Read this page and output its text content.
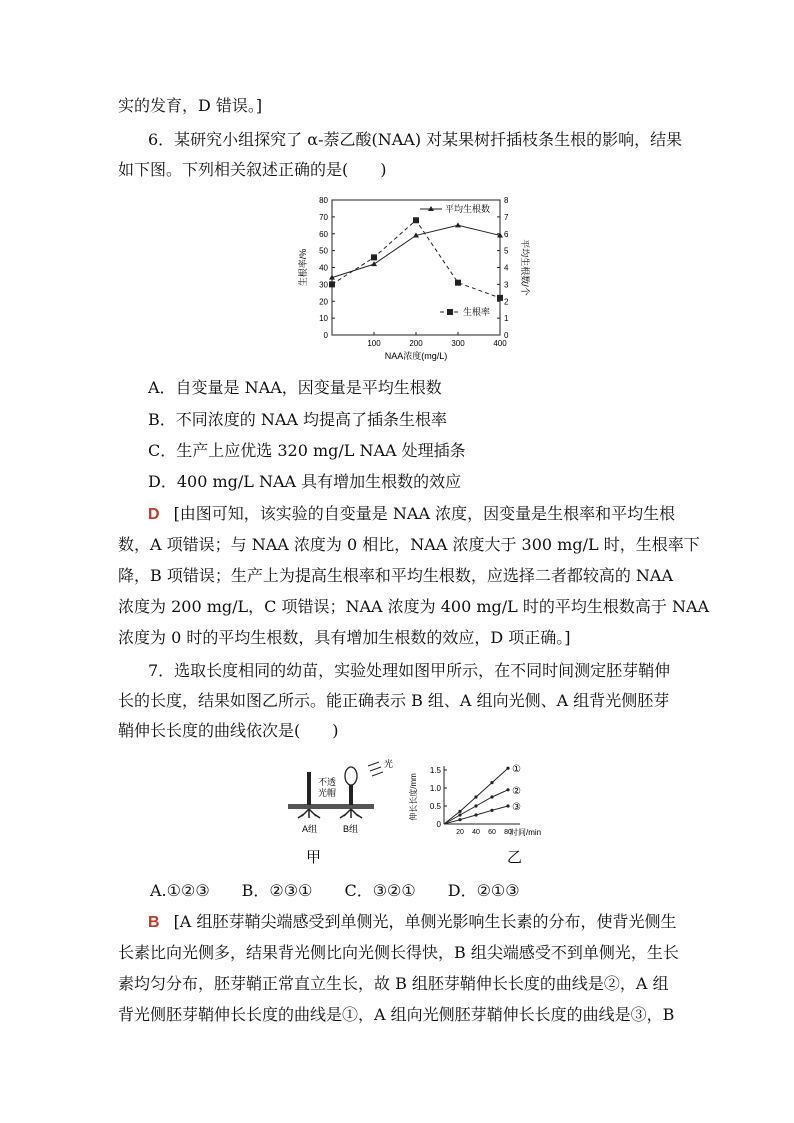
实的发育，D 错误。]
6．某研究小组探究了 α-萘乙酸(NAA) 对某果树扦插枝条生根的影响，结果
如下图。下列相关叙述正确的是(　　)
0
10
20
30
40
50
60
70
80
0
1
2
3
4
5
6
7
8
100	200	300	400
NAA浓度(mg/L)
生根率/%	平均生根数/个
平均生根数
生根率
A．自变量是 NAA，因变量是平均生根数
B．不同浓度的 NAA 均提高了插条生根率
C．生产上应优选 320 mg/L NAA 处理插条
D．400 mg/L NAA 具有增加生根数的效应
D [由图可知，该实验的自变量是 NAA 浓度，因变量是生根率和平均生根
数，A 项错误；与 NAA 浓度为 0 相比，NAA 浓度大于 300 mg/L 时，生根率下
降，B 项错误；生产上为提高生根率和平均生根数，应选择二者都较高的 NAA
浓度为 200 mg/L，C 项错误；NAA 浓度为 400 mg/L 时的平均生根数高于 NAA
浓度为 0 时的平均生根数，具有增加生根数的效应，D 项正确。]
7．选取长度相同的幼苗，实验处理如图甲所示，在不同时间测定胚芽鞘伸
长的长度，结果如图乙所示。能正确表示 B 组、A 组向光侧、A 组背光侧胚芽
鞘伸长长度的曲线依次是(　　)
光
不透
光帽
A组	B组
甲
0
0.5
1.0
1.5
20 40 60 80
时间/min
伸长长度/mm
乙
①
②
③
A.①②③　　B．②③①　　C．③②①　　D．②①③
B [A 组胚芽鞘尖端感受到单侧光，单侧光影响生长素的分布，使背光侧生
长素比向光侧多，结果背光侧比向光侧长得快，B 组尖端感受不到单侧光，生长
素均匀分布，胚芽鞘正常直立生长，故 B 组胚芽鞘伸长长度的曲线是②，A 组
背光侧胚芽鞘伸长长度的曲线是①，A 组向光侧胚芽鞘伸长长度的曲线是③，B
